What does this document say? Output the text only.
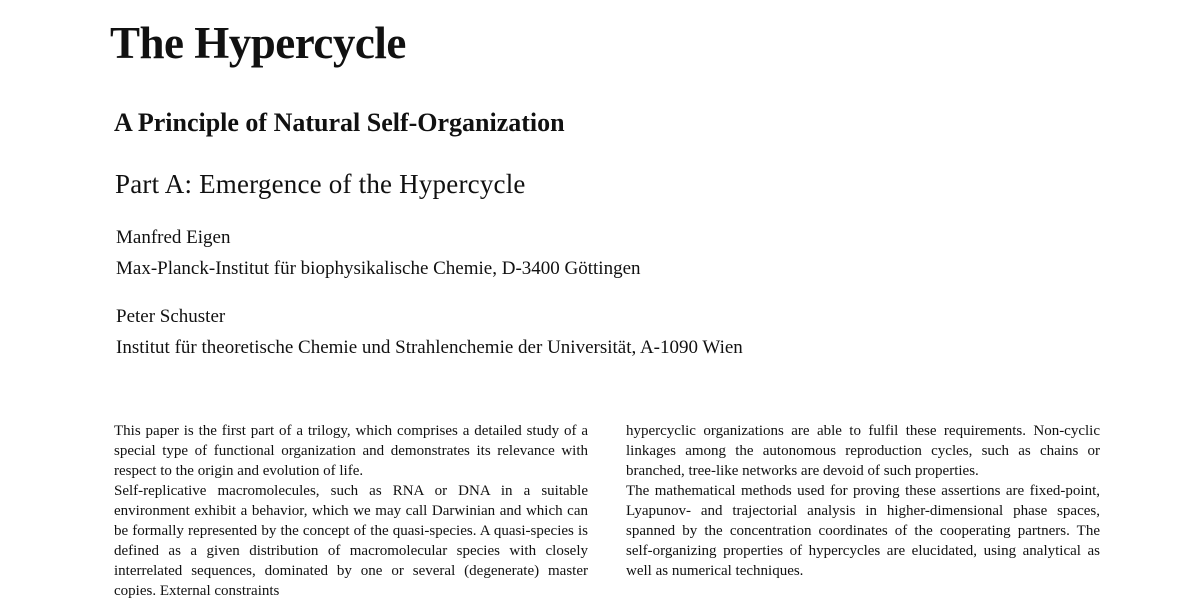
The Hypercycle
A Principle of Natural Self-Organization
Part A: Emergence of the Hypercycle

Manfred Eigen

Max-Planck-Institut für biophysikalische Chemie, D-3400 Göttingen

Peter Schuster

Institut für theoretische Chemie und Strahlenchemie der Universität, A-1090 Wien

This paper is the first part of a trilogy, which comprises a detailed study of a special type of functional organization and demonstrates its relevance with respect to the origin and evolution of life.

Self-replicative macromolecules, such as RNA or DNA in a suitable environment exhibit a behavior, which we may call Darwinian and which can be formally represented by the concept of the quasi-species. A quasi-species is defined as a given distribution of macromolecular species with closely interrelated sequences, dominated by one or several (degenerate) master copies. External constraints

hypercyclic organizations are able to fulfil these requirements. Non-cyclic linkages among the autonomous reproduction cycles, such as chains or branched, tree-like networks are devoid of such properties.

The mathematical methods used for proving these assertions are fixed-point, Lyapunov- and trajectorial analysis in higher-dimensional phase spaces, spanned by the concentration coordinates of the cooperating partners. The self-organizing properties of hypercycles are elucidated, using analytical as well as numerical techniques.
